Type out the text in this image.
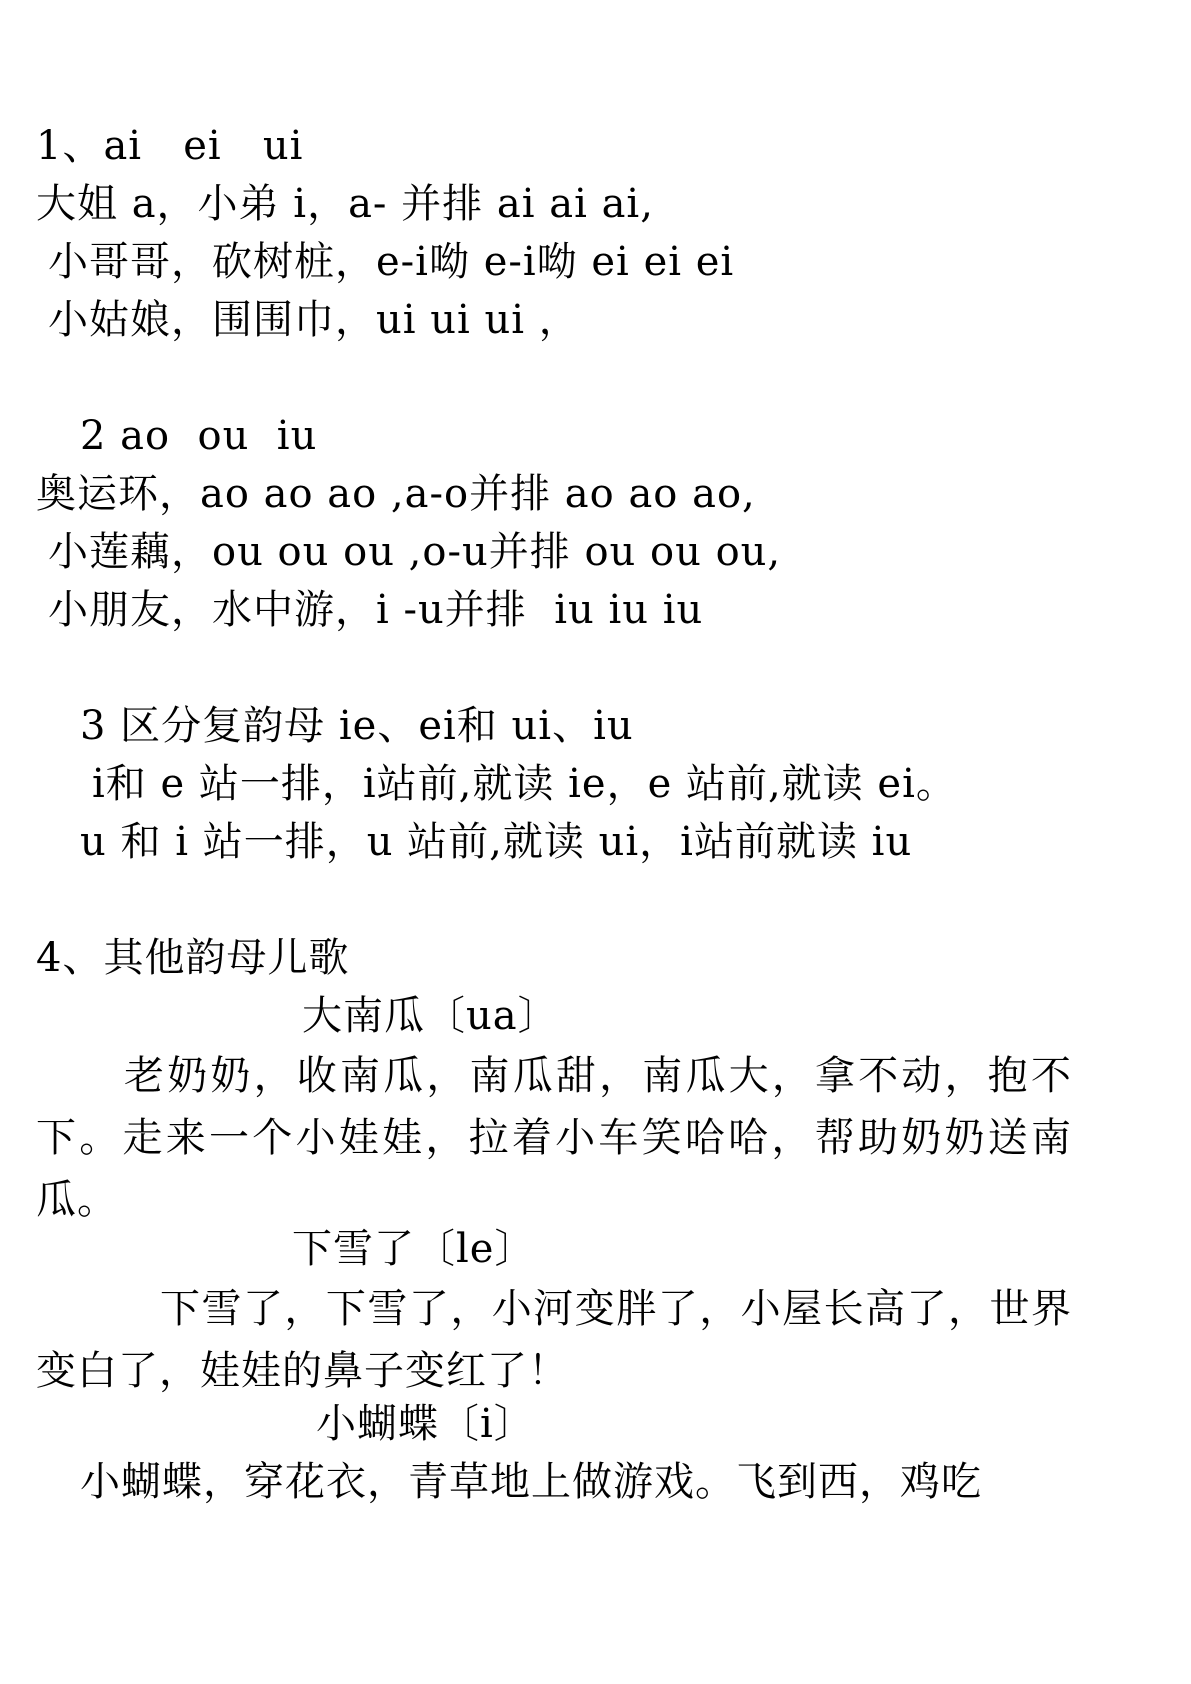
1、ai   ei   ui
大姐 a，小弟 i，a- 并排 ai ai ai,
小哥哥，砍树桩，e-i呦 e-i呦 ei ei ei
小姑娘，围围巾，ui ui ui ，
2 ao  ou  iu
奥运环，ao ao ao ,a-o并排 ao ao ao,
小莲藕，ou ou ou ,o-u并排 ou ou ou,
小朋友，水中游，i -u并排  iu iu iu
3 区分复韵母 ie、ei和 ui、iu
i和 e 站一排，i站前,就读 ie，e 站前,就读 ei。
u 和 i 站一排，u 站前,就读 ui，i站前就读 iu
4、其他韵母儿歌
大南瓜〔ua〕
老奶奶，收南瓜，南瓜甜，南瓜大，拿不动，抱不下。走来一个小娃娃，拉着小车笑哈哈，帮助奶奶送南瓜。
下雪了〔le〕
下雪了，下雪了，小河变胖了，小屋长高了，世界变白了，娃娃的鼻子变红了！
小蝴蝶〔i〕
小蝴蝶，穿花衣，青草地上做游戏。飞到西，鸡吃
